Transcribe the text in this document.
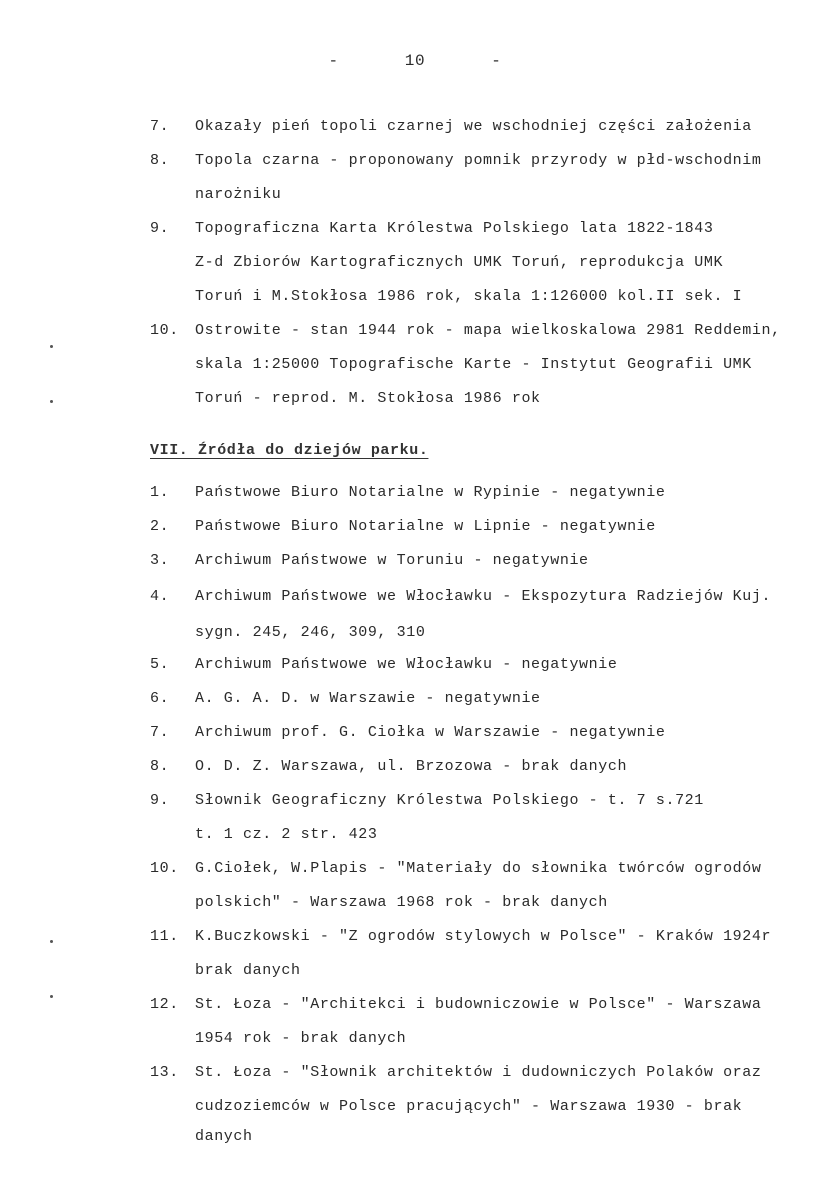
-	10	-
7. Okazały pień topoli czarnej we wschodniej części założenia
8. Topola czarna - proponowany pomnik przyrody w płd-wschodnim
narożniku
9. Topograficzna Karta Królestwa Polskiego lata 1822-1843
Z-d Zbiorów Kartograficznych UMK Toruń, reprodukcja UMK
Toruń i M.Stokłosa 1986 rok, skala 1:126000 kol.II sek. I
10. Ostrowite - stan 1944 rok - mapa wielkoskalowa 2981 Reddemin,
skala 1:25000 Topografische Karte - Instytut Geografii UMK
Toruń - reprod. M. Stokłosa 1986 rok
VII. Źródła do dziejów parku.
1. Państwowe Biuro Notarialne w Rypinie - negatywnie
2. Państwowe Biuro Notarialne w Lipnie - negatywnie
3. Archiwum Państwowe w Toruniu - negatywnie
4. Archiwum Państwowe we Włocławku - Ekspozytura Radziejów Kuj.
sygn. 245, 246, 309, 310
5. Archiwum Państwowe we Włocławku - negatywnie
6. A. G. A. D. w Warszawie - negatywnie
7. Archiwum prof. G. Ciołka w Warszawie - negatywnie
8. O. D. Z. Warszawa, ul. Brzozowa - brak danych
9. Słownik Geograficzny Królestwa Polskiego - t. 7 s.721
t. 1 cz. 2 str. 423
10. G.Ciołek, W.Plapis - "Materiały do słownika twórców ogrodów
polskich" - Warszawa 1968 rok - brak danych
11. K.Buczkowski - "Z ogrodów stylowych w Polsce" - Kraków 1924r
brak danych
12. St. Łoza - "Architekci i budowniczowie w Polsce" - Warszawa
1954 rok - brak danych
13. St. Łoza - "Słownik architektów i dudowniczych Polaków oraz
cudzoziemców w Polsce pracujących" - Warszawa 1930 - brak
danych
